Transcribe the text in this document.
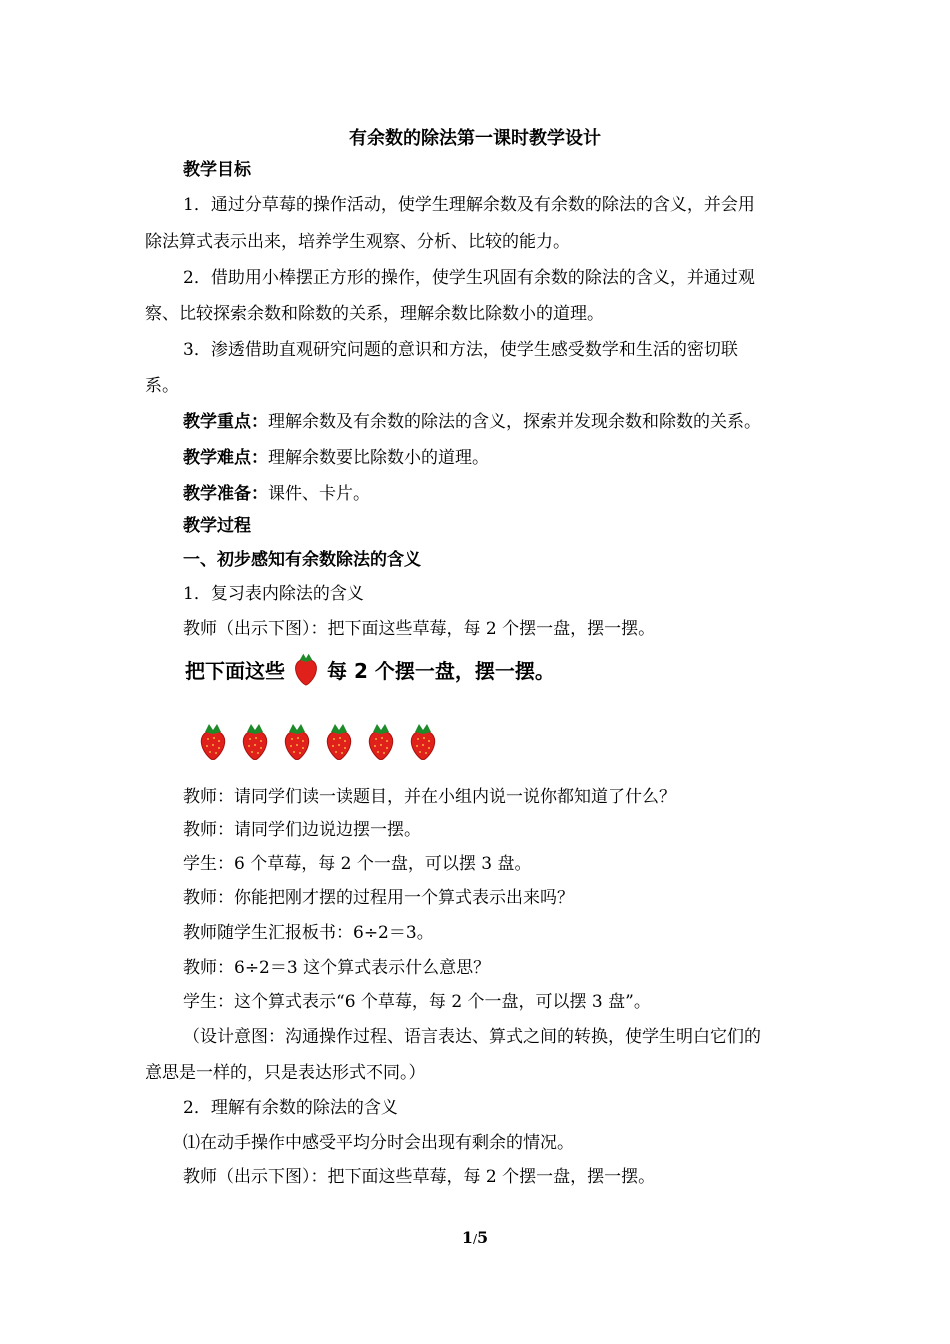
有余数的除法第一课时教学设计
教学目标
1．通过分草莓的操作活动，使学生理解余数及有余数的除法的含义，并会用
除法算式表示出来，培养学生观察、分析、比较的能力。
2．借助用小棒摆正方形的操作，使学生巩固有余数的除法的含义，并通过观
察、比较探索余数和除数的关系，理解余数比除数小的道理。
3．渗透借助直观研究问题的意识和方法，使学生感受数学和生活的密切联
系。
教学重点：理解余数及有余数的除法的含义，探索并发现余数和除数的关系。
教学难点：理解余数要比除数小的道理。
教学准备：课件、卡片。
教学过程
一、初步感知有余数除法的含义
1．复习表内除法的含义
教师（出示下图）：把下面这些草莓，每 2 个摆一盘，摆一摆。
把下面这些 每 2 个摆一盘，摆一摆。
教师：请同学们读一读题目，并在小组内说一说你都知道了什么？
教师：请同学们边说边摆一摆。
学生：6 个草莓，每 2 个一盘，可以摆 3 盘。
教师：你能把刚才摆的过程用一个算式表示出来吗？
教师随学生汇报板书：6÷2＝3。
教师：6÷2＝3 这个算式表示什么意思？
学生：这个算式表示“6 个草莓，每 2 个一盘，可以摆 3 盘”。
（设计意图：沟通操作过程、语言表达、算式之间的转换，使学生明白它们的
意思是一样的，只是表达形式不同。）
2．理解有余数的除法的含义
⑴在动手操作中感受平均分时会出现有剩余的情况。
教师（出示下图）：把下面这些草莓，每 2 个摆一盘，摆一摆。
1/5
